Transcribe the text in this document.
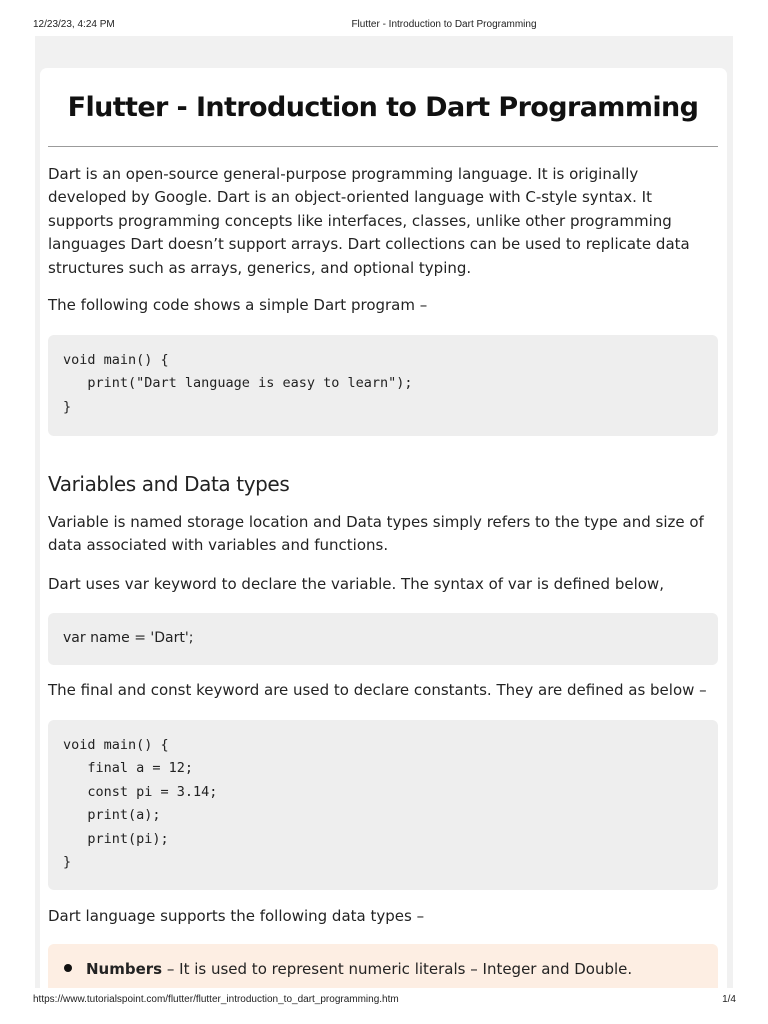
12/23/23, 4:24 PM	Flutter - Introduction to Dart Programming
Flutter - Introduction to Dart Programming

Dart is an open-source general-purpose programming language. It is originally developed by Google. Dart is an object-oriented language with C-style syntax. It supports programming concepts like interfaces, classes, unlike other programming languages Dart doesn’t support arrays. Dart collections can be used to replicate data structures such as arrays, generics, and optional typing.

The following code shows a simple Dart program –

void main() {
print("Dart language is easy to learn");
}
Variables and Data types

Variable is named storage location and Data types simply refers to the type and size of data associated with variables and functions.

Dart uses var keyword to declare the variable. The syntax of var is defined below,

var name = 'Dart';

The final and const keyword are used to declare constants. They are defined as below –

void main() {
final a = 12;
const pi = 3.14;
print(a);
print(pi);
}

Dart language supports the following data types –

Numbers – It is used to represent numeric literals – Integer and Double.
https://www.tutorialspoint.com/flutter/flutter_introduction_to_dart_programming.htm	1/4
